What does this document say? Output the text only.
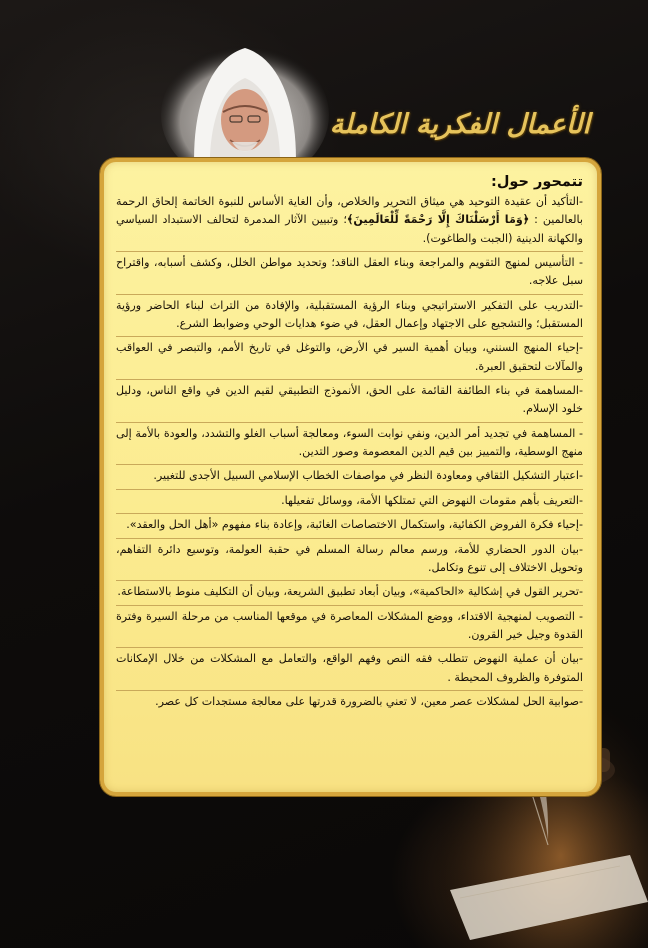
الأعمال الفكرية الكاملة
تتمحور حول:

-التأكيد أن عقيدة التوحيد هي ميثاق التحرير والخلاص، وأن الغاية الأساس للنبوة الخاتمة إلحاق الرحمة بالعالمين : ﴿وَمَا أَرْسَلْنَاكَ إِلَّا رَحْمَةً لِّلْعَالَمِينَ﴾؛ وتبيين الآثار المدمرة لتحالف الاستبداد السياسي والكهانة الدينية (الجبت والطاغوت).

- التأسيس لمنهج التقويم والمراجعة وبناء العقل الناقد؛ وتحديد مواطن الخلل، وكشف أسبابه، واقتراح سبل علاجه.

-التدريب على التفكير الاستراتيجي وبناء الرؤية المستقبلية، والإفادة من التراث لبناء الحاضر ورؤية المستقبل؛ والتشجيع على الاجتهاد وإعمال العقل، في ضوء هدايات الوحي وضوابط الشرع.

-إحياء المنهج السنني، وبيان أهمية السير في الأرض، والتوغل في تاريخ الأمم، والتبصر في العواقب والمآلات لتحقيق العبرة.

-المساهمة في بناء الطائفة القائمة على الحق، الأنموذج التطبيقي لقيم الدين في واقع الناس، ودليل خلود الإسلام.

- المساهمة في تجديد أمر الدين، ونفي نوابت السوء، ومعالجة أسباب الغلو والتشدد، والعودة بالأمة إلى منهج الوسطية، والتمييز بين قيم الدين المعصومة وصور التدين.

-اعتبار التشكيل الثقافي ومعاودة النظر في مواصفات الخطاب الإسلامي السبيل الأجدى للتغيير.

-التعريف بأهم مقومات النهوض التي تمتلكها الأمة، ووسائل تفعيلها.

-إحياء فكرة الفروض الكفائية، واستكمال الاختصاصات الغائبة، وإعادة بناء مفهوم «أهل الحل والعقد».

-بيان الدور الحضاري للأمة، ورسم معالم رسالة المسلم في حقبة العولمة، وتوسيع دائرة التفاهم، وتحويل الاختلاف إلى تنوع وتكامل.

-تحرير القول في إشكالية «الحاكمية»، وبيان أبعاد تطبيق الشريعة، وبيان أن التكليف منوط بالاستطاعة.

- التصويب لمنهجية الاقتداء، ووضع المشكلات المعاصرة في موقعها المناسب من مرحلة السيرة وفترة القدوة وجيل خير القرون.

-بيان أن عملية النهوض تتطلب فقه النص وفهم الواقع، والتعامل مع المشكلات من خلال الإمكانات المتوفرة والظروف المحيطة .

-صوابية الحل لمشكلات عصر معين، لا تعني بالضرورة قدرتها على معالجة مستجدات كل عصر.
